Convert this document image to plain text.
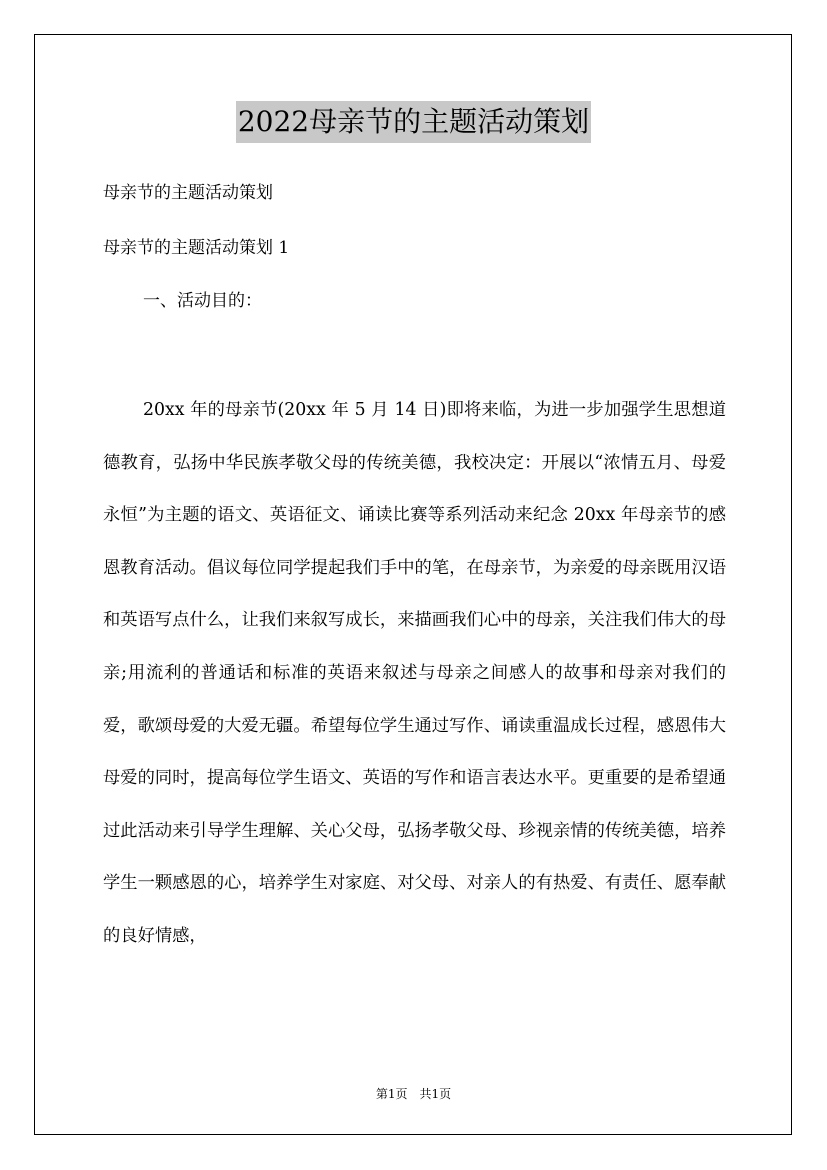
2022母亲节的主题活动策划
母亲节的主题活动策划
母亲节的主题活动策划 1
一、活动目的：
20xx 年的母亲节(20xx 年 5 月 14 日)即将来临，为进一步加强学生思想道德教育，弘扬中华民族孝敬父母的传统美德，我校决定：开展以“浓情五月、母爱永恒”为主题的语文、英语征文、诵读比赛等系列活动来纪念 20xx 年母亲节的感恩教育活动。倡议每位同学提起我们手中的笔，在母亲节，为亲爱的母亲既用汉语和英语写点什么，让我们来叙写成长，来描画我们心中的母亲，关注我们伟大的母亲;用流利的普通话和标准的英语来叙述与母亲之间感人的故事和母亲对我们的爱，歌颂母爱的大爱无疆。希望每位学生通过写作、诵读重温成长过程，感恩伟大母爱的同时，提高每位学生语文、英语的写作和语言表达水平。更重要的是希望通过此活动来引导学生理解、关心父母，弘扬孝敬父母、珍视亲情的传统美德，培养学生一颗感恩的心，培养学生对家庭、对父母、对亲人的有热爱、有责任、愿奉献的良好情感，
第1页　共1页
